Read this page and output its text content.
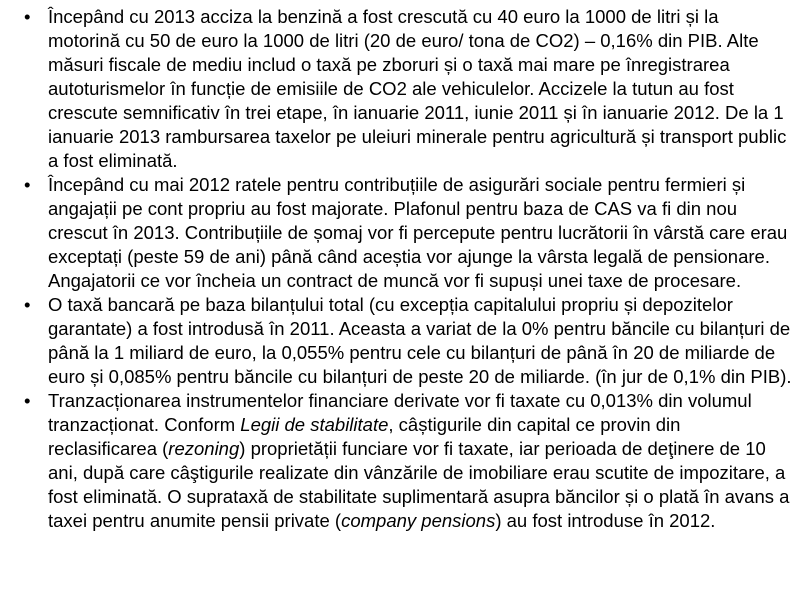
• Începând cu 2013 acciza la benzină a fost crescută cu 40 euro la 1000 de litri și la motorină cu 50 de euro la 1000 de litri (20 de euro/ tona de CO2) – 0,16% din PIB. Alte măsuri fiscale de mediu includ o taxă pe zboruri și o taxă mai mare pe înregistrarea autoturismelor în funcție de emisiile de CO2 ale vehiculelor. Accizele la tutun au fost crescute semnificativ în trei etape, în ianuarie 2011, iunie 2011 și în ianuarie 2012. De la 1 ianuarie 2013 rambursarea taxelor pe uleiuri minerale pentru agricultură și transport public a fost eliminată.
• Începând cu mai 2012 ratele pentru contribuțiile de asigurări sociale pentru fermieri și angajații pe cont propriu au fost majorate. Plafonul pentru baza de CAS va fi din nou crescut în 2013. Contribuțiile de șomaj vor fi percepute pentru lucrătorii în vârstă care erau exceptați (peste 59 de ani) până când aceștia vor ajunge la vârsta legală de pensionare. Angajatorii ce vor încheia un contract de muncă vor fi supuși unei taxe de procesare.
• O taxă bancară pe baza bilanțului total (cu excepția capitalului propriu și depozitelor garantate) a fost introdusă în 2011. Aceasta a variat de la 0% pentru băncile cu bilanțuri de până la 1 miliard de euro, la 0,055% pentru cele cu bilanțuri de până în 20 de miliarde de euro și 0,085% pentru băncile cu bilanțuri de peste 20 de miliarde. (în jur de 0,1% din PIB).
• Tranzacționarea instrumentelor financiare derivate vor fi taxate cu 0,013% din volumul tranzacționat. Conform Legii de stabilitate, câștigurile din capital ce provin din reclasificarea (rezoning) proprietății funciare vor fi taxate, iar perioada de deţinere de 10 ani, după care câştigurile realizate din vânzările de imobiliare erau scutite de impozitare, a fost eliminată. O suprataxă de stabilitate suplimentară asupra băncilor și o plată în avans a taxei pentru anumite pensii private (company pensions) au fost introduse în 2012.
